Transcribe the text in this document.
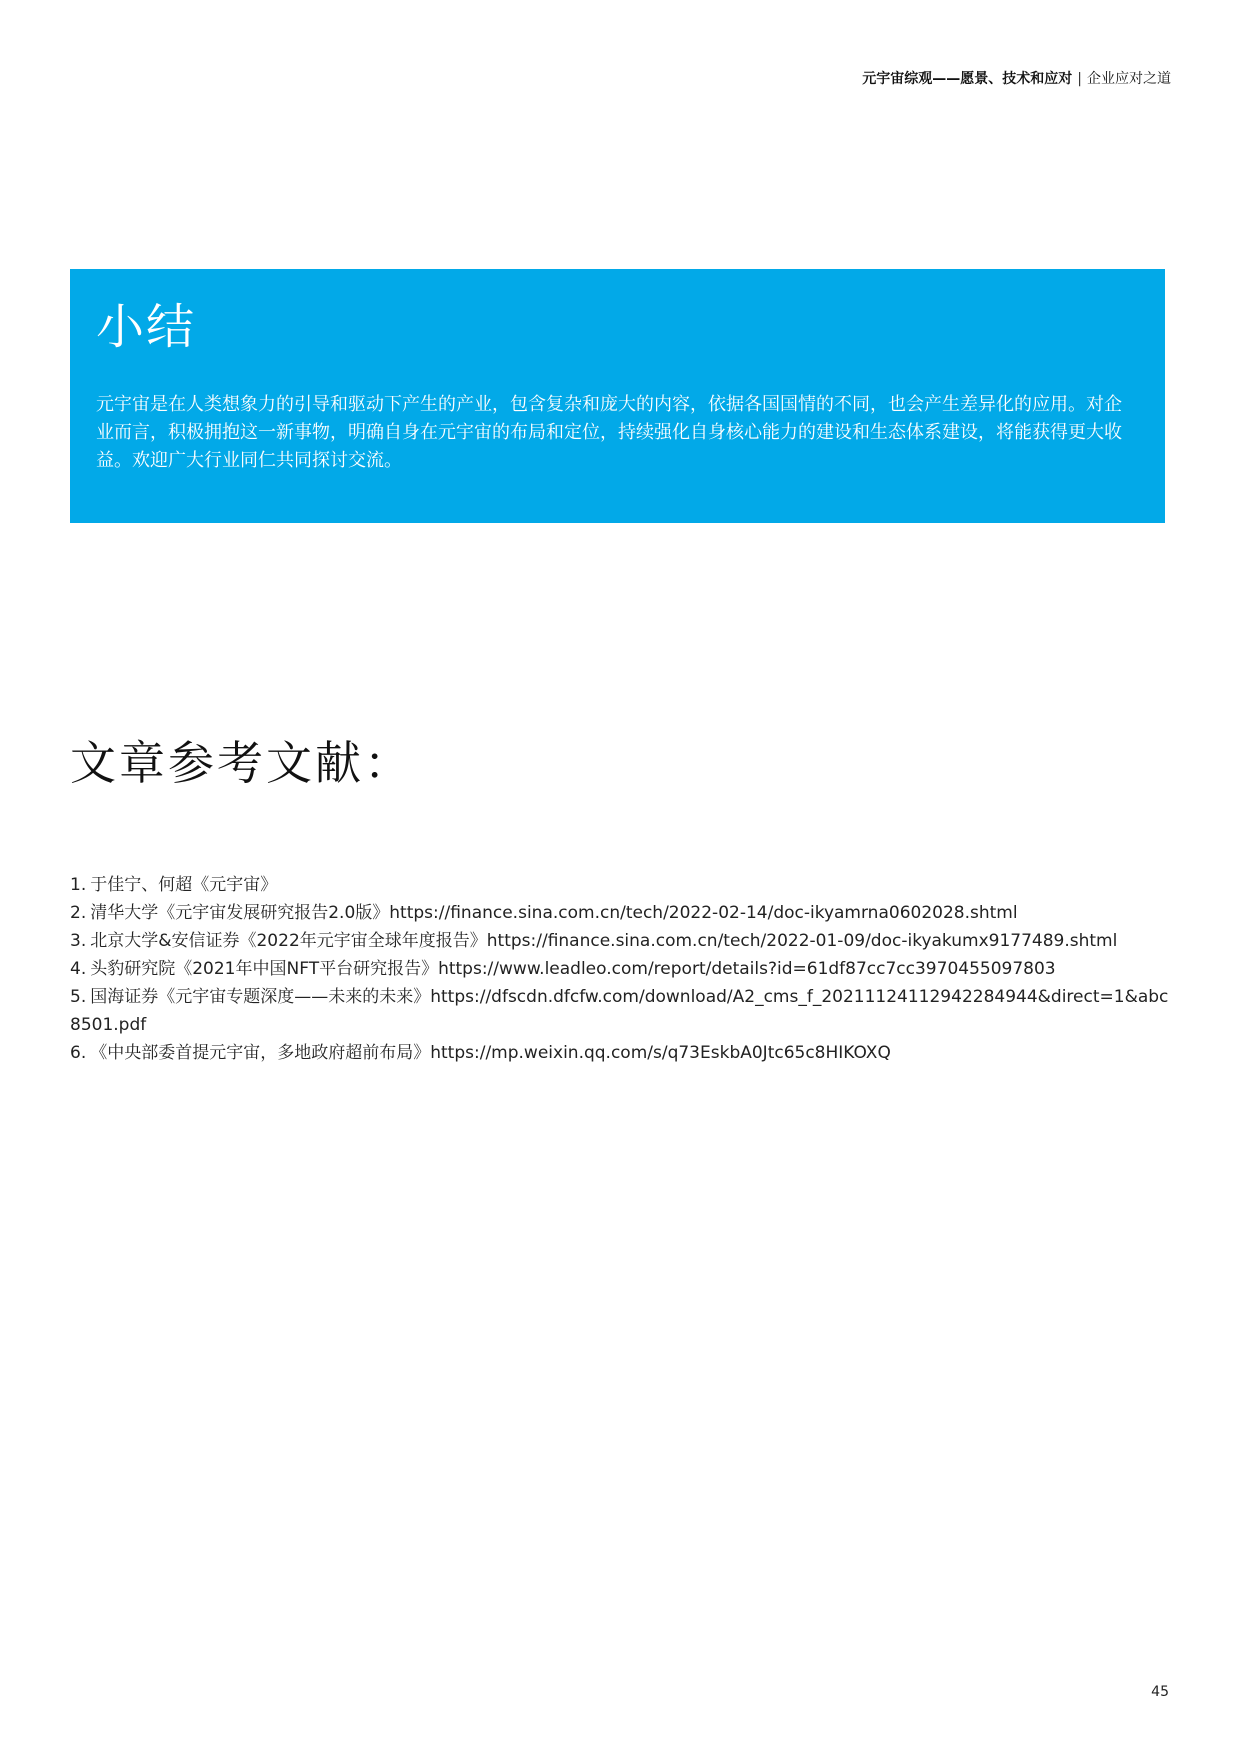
元宇宙综观——愿景、技术和应对 | 企业应对之道
小结

元宇宙是在人类想象力的引导和驱动下产生的产业，包含复杂和庞大的内容，依据各国国情的不同，也会产生差异化的应用。对企业而言，积极拥抱这一新事物，明确自身在元宇宙的布局和定位，持续强化自身核心能力的建设和生态体系建设，将能获得更大收益。欢迎广大行业同仁共同探讨交流。

文章参考文献：
1. 于佳宁、何超《元宇宙》
2. 清华大学《元宇宙发展研究报告2.0版》https://finance.sina.com.cn/tech/2022-02-14/doc-ikyamrna0602028.shtml
3. 北京大学&安信证券《2022年元宇宙全球年度报告》https://finance.sina.com.cn/tech/2022-01-09/doc-ikyakumx9177489.shtml
4. 头豹研究院《2021年中国NFT平台研究报告》https://www.leadleo.com/report/details?id=61df87cc7cc3970455097803
5. 国海证券《元宇宙专题深度——未来的未来》https://dfscdn.dfcfw.com/download/A2_cms_f_20211124112942284944&direct=1&abc8501.pdf
6. 《中央部委首提元宇宙，多地政府超前布局》https://mp.weixin.qq.com/s/q73EskbA0Jtc65c8HIKOXQ
45
